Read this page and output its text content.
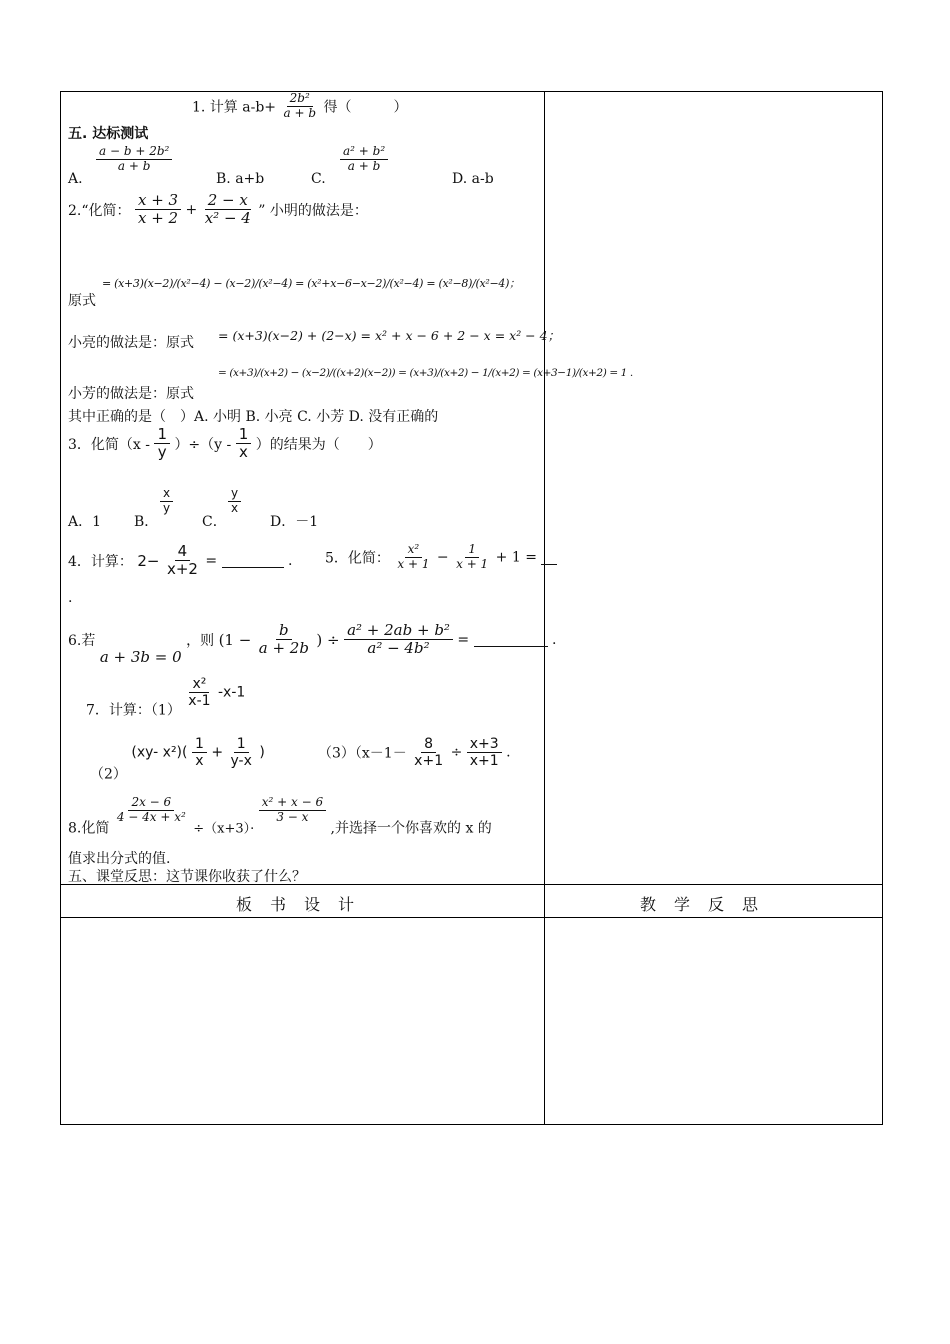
五. 达标测试
1. 计算 $a-b+ \frac{\text{2b²}}{a + b}$ 得（　　　）
A.
$\frac{\text{a − b + 2b²}}{a + b}$
B. a+b	C.
$\frac{\text{a² + b²}}{a + b}$
D. a-b
2.“化简： $\frac{x + 3}{x + 2} + \frac{2 - x}{\text{x² − 4}}$ ” 小明的做法是：
原式
= (x+3)(x−2)/(x²−4) − (x−2)/(x²−4) = (x²+x−6−x−2)/(x²−4) = (x²−8)/(x²−4)；
小亮的做法是：原式 = (x+3)(x−2) + (2−x) = x² + x − 6 + 2 − x = x² − 4；
小芳的做法是：原式
= (x+3)/(x+2) − (x−2)/((x+2)(x−2)) = (x+3)/(x+2) − 1/(x+2) = (x+3−1)/(x+2) = 1 .
其中正确的是（　）A. 小明 B. 小亮 C. 小芳 D. 没有正确的
3．化简$(x - \frac{1}{y} )\div(y - \frac{1}{x}$ ）的结果为（　　）
A．1 B．
$\frac{x}{y}$
C．
$\frac{y}{x}$
D．－1
4．计算： $2- \frac{4}{x+2}$ =	. 5．化简： $\frac{\text{x²}}{x + 1} - \frac{1}{x + 1} + 1$ =
.
6.若 a + 3b = 0 ，则 ($1 - \frac{b}{a + 2b}$ ) ÷ $\frac{\text{a² + 2ab + b²}}{\text{a² − 4b²}}$ =	.
7．计算：（1）
$\frac{\text{x²}}{x-1} -x-1$
（2） (xy- $x^2)( \frac{1}{x} + \frac{1}{y-x}$ )	$(3)(x-1- \frac{8}{x+1} \div \frac{x+3}{x+1}$ .
8.化简
$\frac{2x - 6}{\text{4 − 4x + x²}}$
÷（x+3）·
$\frac{\text{x² + x − 6}}{3 - x}$
,并选择一个你喜欢的 x 的
值求出分式的值.
五、课堂反思：这节课你收获了什么？
板书设计	教学反思
